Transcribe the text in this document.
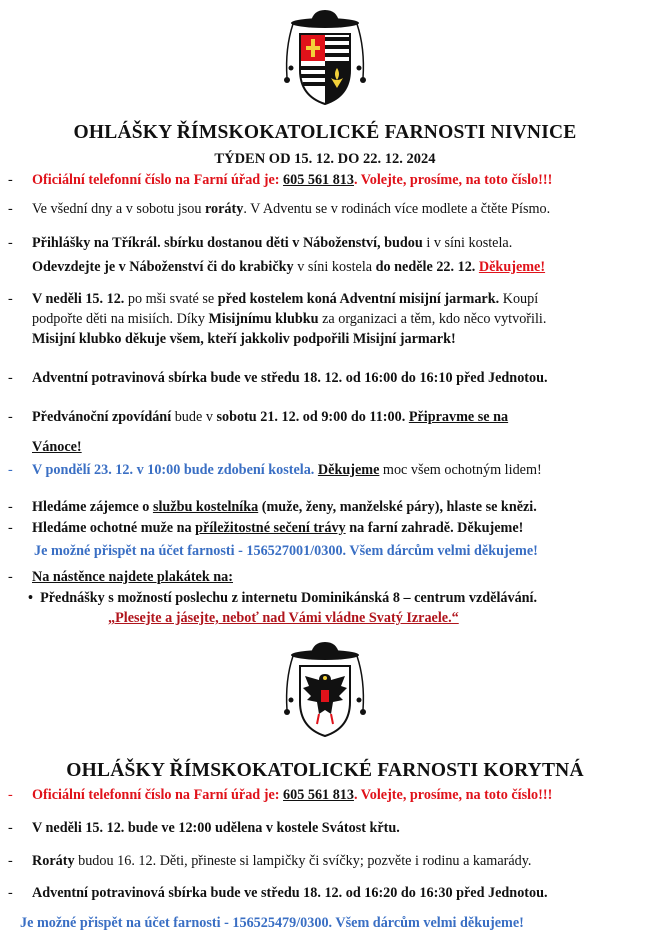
OHLÁŠKY ŘÍMSKOKATOLICKÉ FARNOSTI NIVNICE
TÝDEN OD 15. 12. DO 22. 12. 2024
- Oficiální telefonní číslo na Farní úřad je: 605 561 813. Volejte, prosíme, na toto číslo!!!
- Ve všední dny a v sobotu jsou roráty. V Adventu se v rodinách více modlete a čtěte Písmo.
- Přihlášky na Tříkrál. sbírku dostanou děti v Náboženství, budou i v síni kostela.
Odevzdejte je v Náboženství či do krabičky v síni kostela do neděle 22. 12. Děkujeme!
- V neděli 15. 12. po mši svaté se před kostelem koná Adventní misijní jarmark. Koupí
podpořte děti na misiích. Díky Misijnímu klubku za organizaci a těm, kdo něco vytvořili.
Misijní klubko děkuje všem, kteří jakkoliv podpořili Misijní jarmark!
- Adventní potravinová sbírka bude ve středu 18. 12. od 16:00 do 16:10 před Jednotou.
- Předvánoční zpovídání bude v sobotu 21. 12. od 9:00 do 11:00. Připravme se na
Vánoce!
- V pondělí 23. 12. v 10:00 bude zdobení kostela. Děkujeme moc všem ochotným lidem!
- Hledáme zájemce o službu kostelníka (muže, ženy, manželské páry), hlaste se knězi.
- Hledáme ochotné muže na příležitostné sečení trávy na farní zahradě. Děkujeme!
Je možné přispět na účet farnosti - 156527001/0300. Všem dárcům velmi děkujeme!
- Na nástěnce najdete plakátek na:
• Přednášky s možností poslechu z internetu Dominikánská 8 – centrum vzdělávání.
„Plesejte a jásejte, neboť nad Vámi vládne Svatý Izraele.“
OHLÁŠKY ŘÍMSKOKATOLICKÉ FARNOSTI KORYTNÁ
- Oficiální telefonní číslo na Farní úřad je: 605 561 813. Volejte, prosíme, na toto číslo!!!
- V neděli 15. 12. bude ve 12:00 udělena v kostele Svátost křtu.
- Roráty budou 16. 12. Děti, přineste si lampičky či svíčky; pozvěte i rodinu a kamarády.
- Adventní potravinová sbírka bude ve středu 18. 12. od 16:20 do 16:30 před Jednotou.
Je možné přispět na účet farnosti - 156525479/0300. Všem dárcům velmi děkujeme!
